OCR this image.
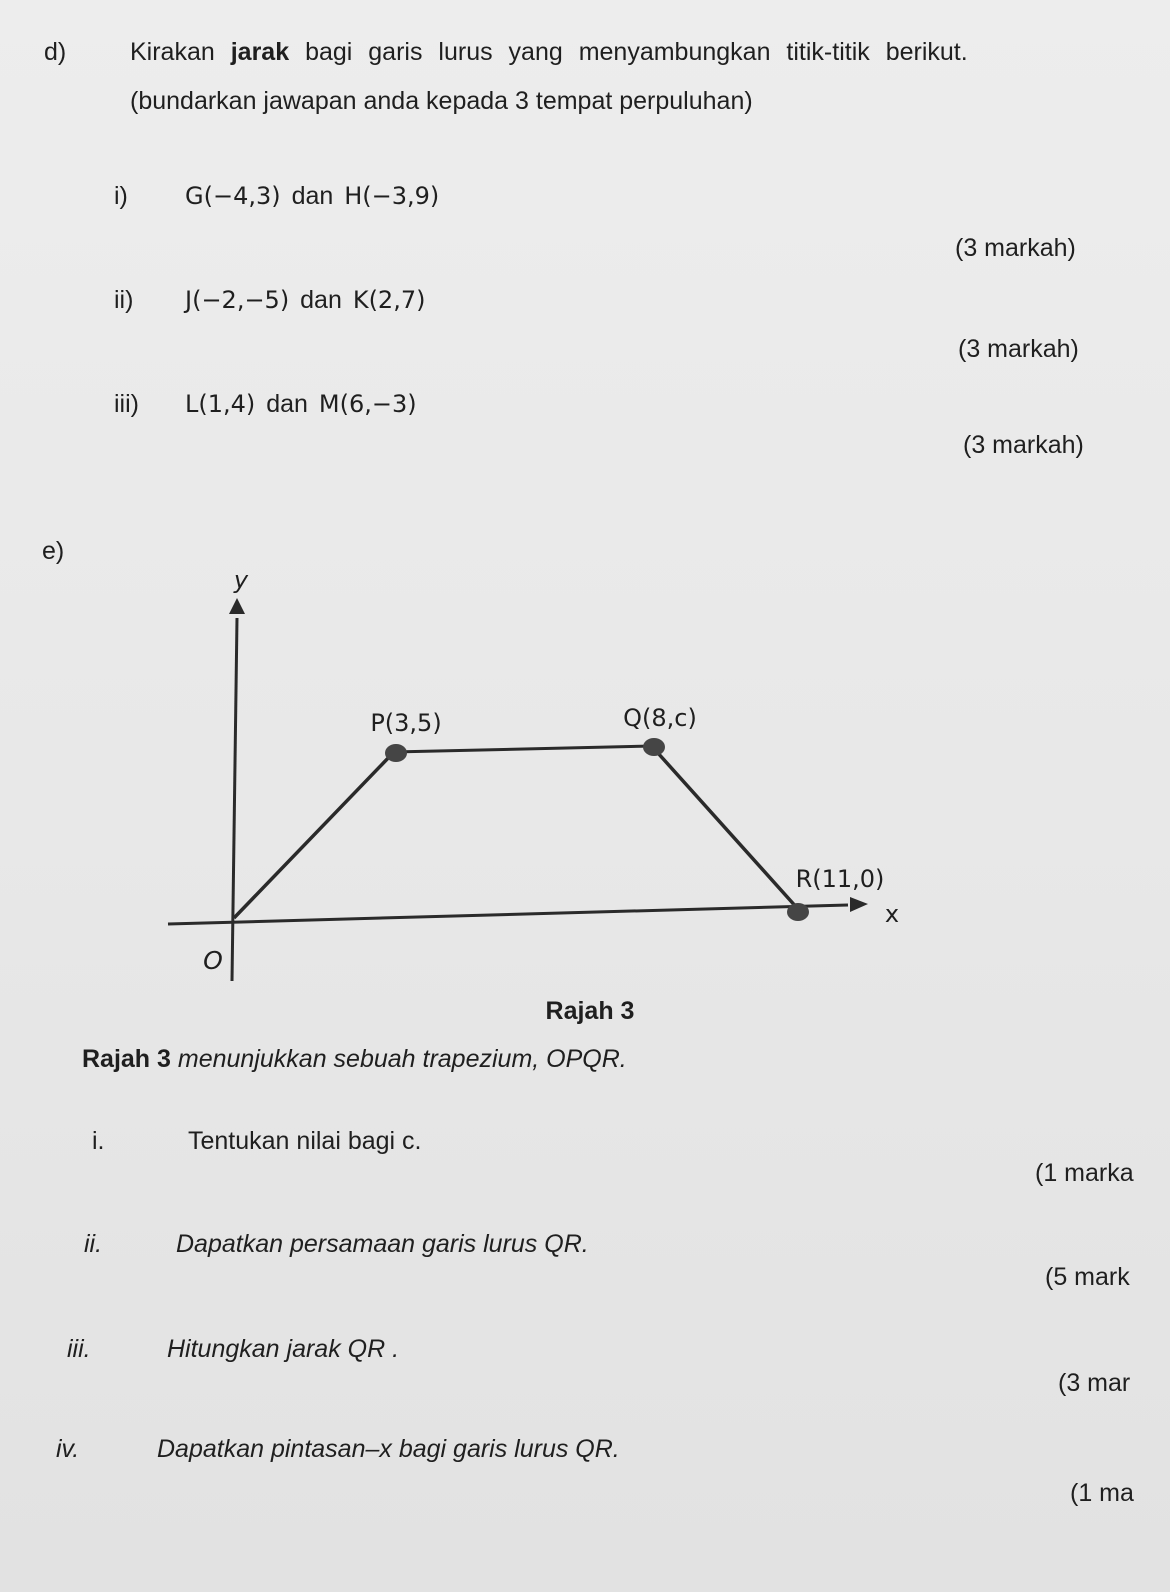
d)	Kirakan jarak bagi garis lurus yang menyambungkan titik-titik berikut.
(bundarkan jawapan anda kepada 3 tempat perpuluhan)
i) G(−4,3) dan H(−3,9)
(3 markah)
ii) J(−2,−5) dan K(2,7)
(3 markah)
iii) L(1,4) dan M(6,−3)
(3 markah)
e)
y
x
O
P(3,5)	Q(8,c)
R(11,0)
Rajah 3
Rajah 3 menunjukkan sebuah trapezium, OPQR.
i.	Tentukan nilai bagi c.
(1 marka
ii.	Dapatkan persamaan garis lurus QR.
(5 mark
iii.	Hitungkan jarak QR .
(3 mar
iv.	Dapatkan pintasan–x bagi garis lurus QR.
(1 ma
